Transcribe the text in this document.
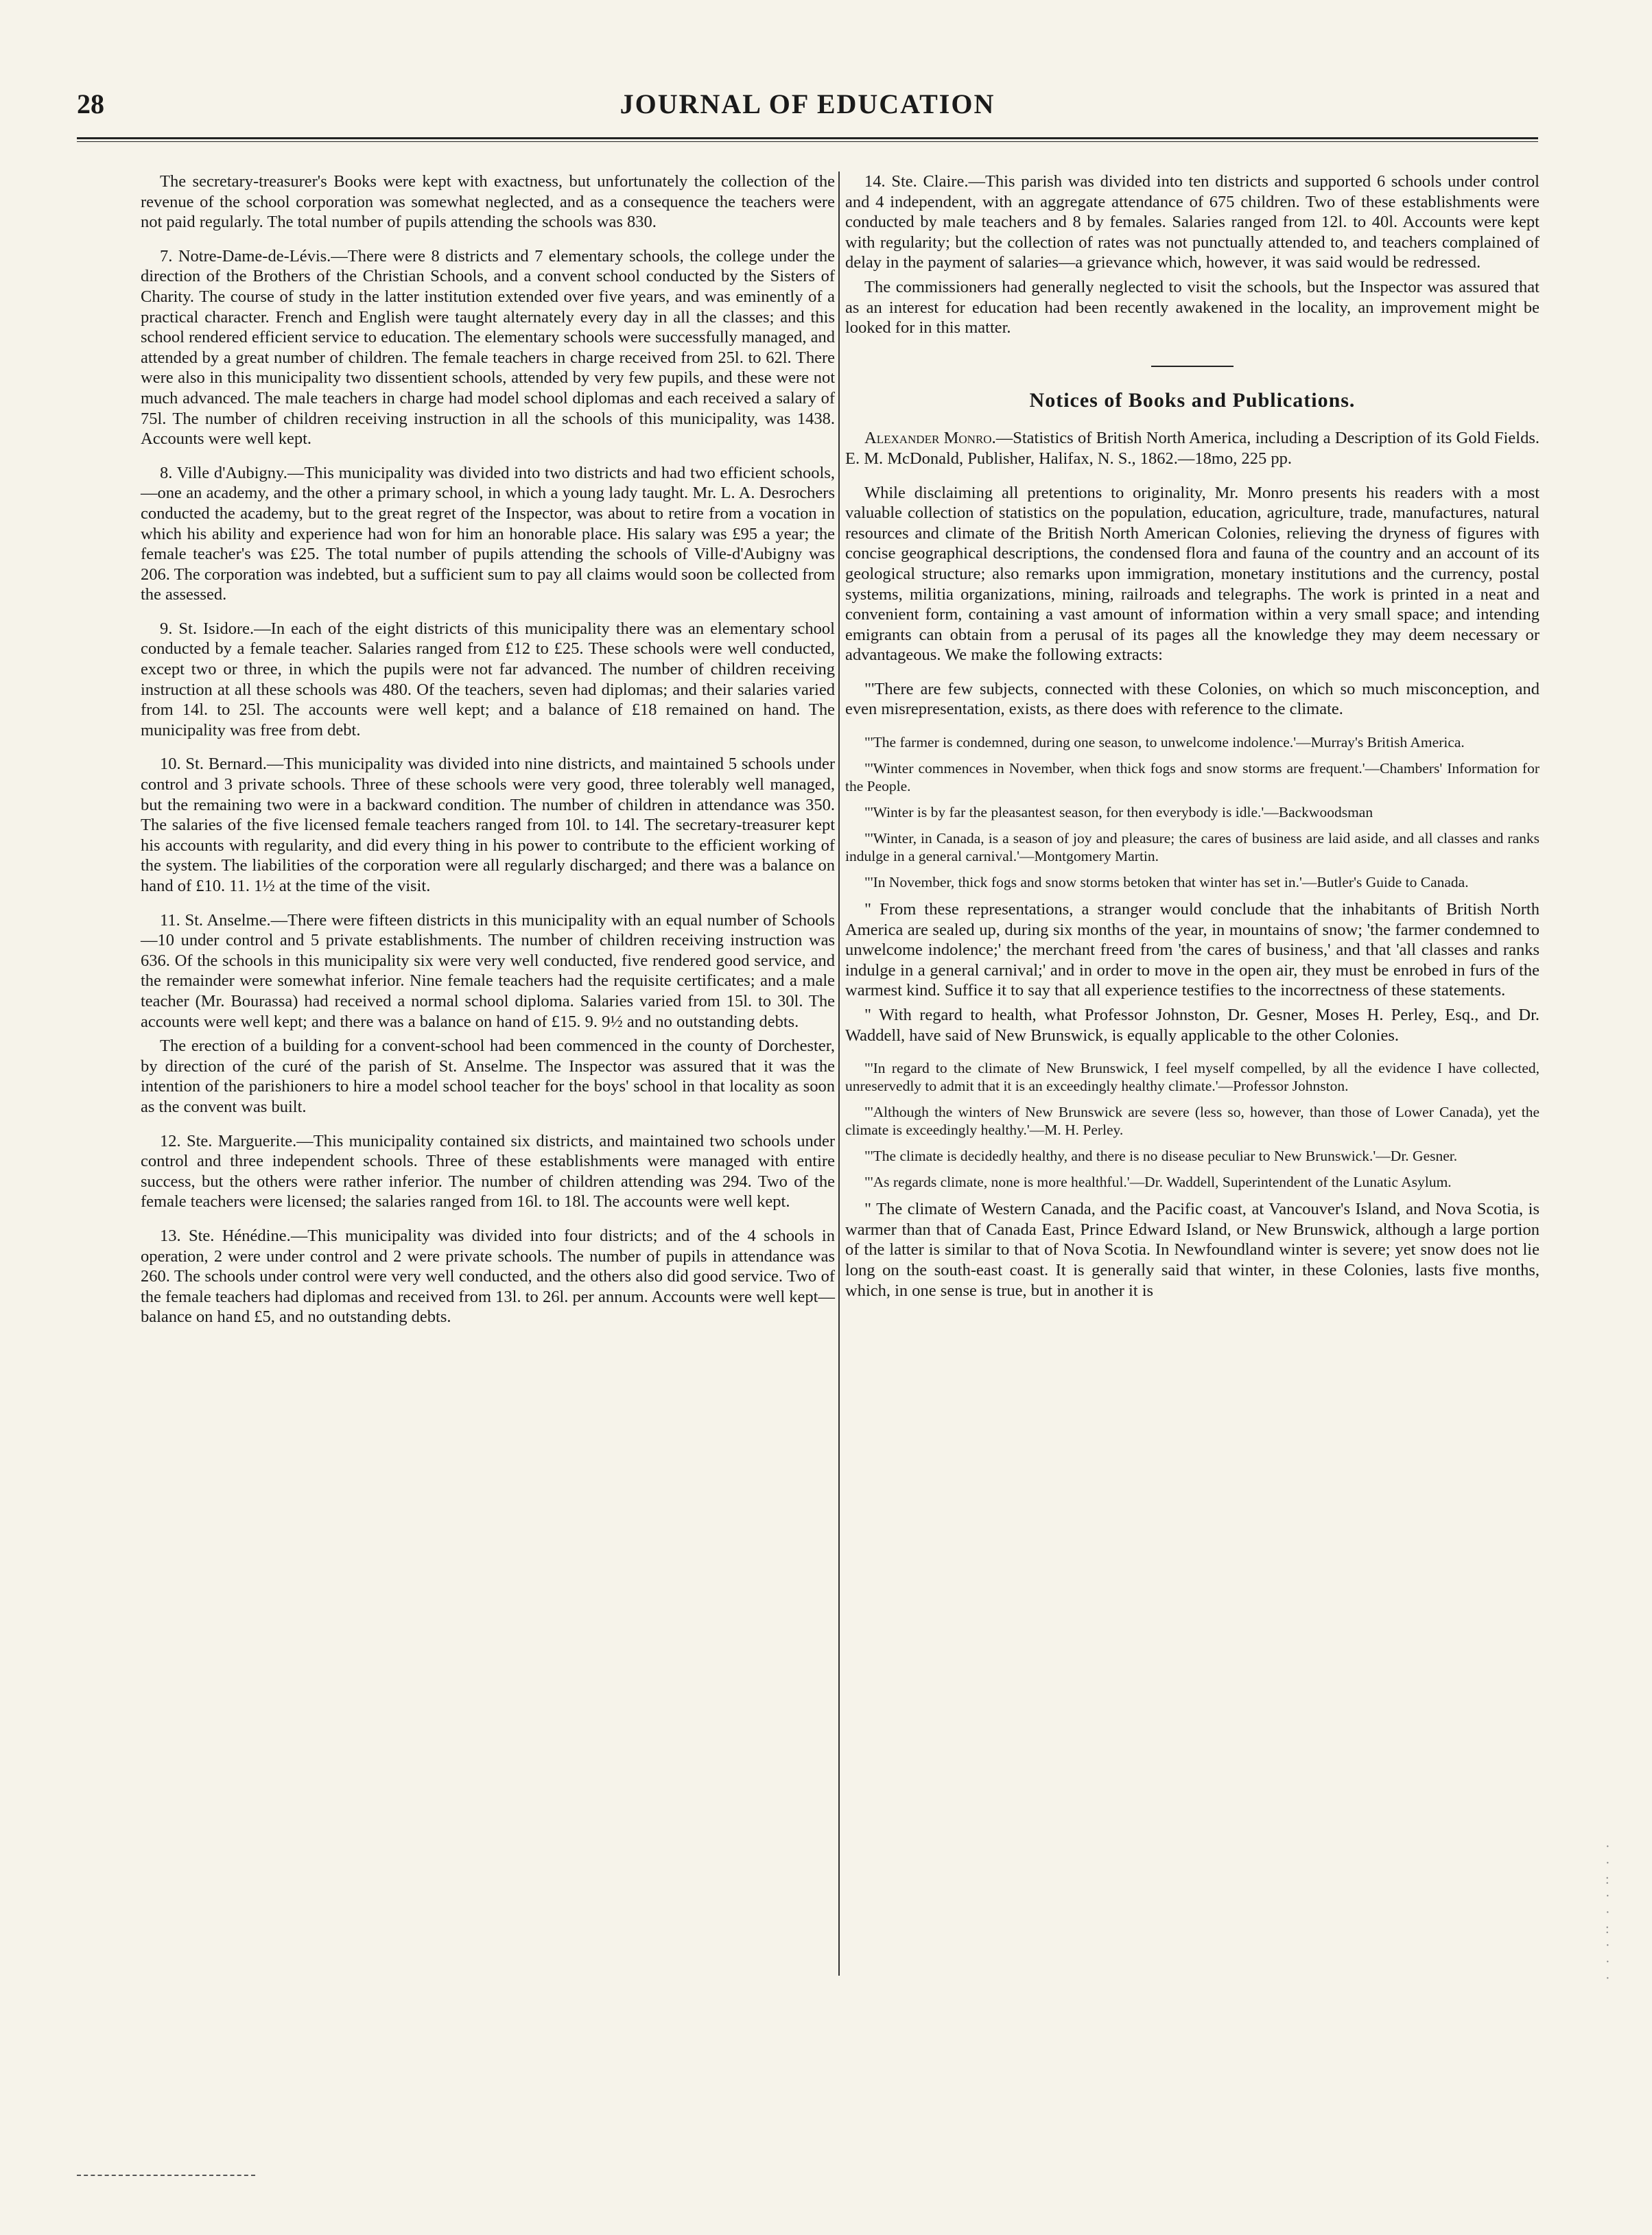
28	JOURNAL OF EDUCATION

The secretary-treasurer's Books were kept with exactness, but unfortunately the collection of the revenue of the school corporation was somewhat neglected, and as a consequence the teachers were not paid regularly. The total number of pupils attending the schools was 830.

7. Notre-Dame-de-Lévis.—There were 8 districts and 7 elementary schools, the college under the direction of the Brothers of the Christian Schools, and a convent school conducted by the Sisters of Charity. The course of study in the latter institution extended over five years, and was eminently of a practical character. French and English were taught alternately every day in all the classes; and this school rendered efficient service to education. The elementary schools were successfully managed, and attended by a great number of children. The female teachers in charge received from 25l. to 62l. There were also in this municipality two dissentient schools, attended by very few pupils, and these were not much advanced. The male teachers in charge had model school diplomas and each received a salary of 75l. The number of children receiving instruction in all the schools of this municipality, was 1438. Accounts were well kept.

8. Ville d'Aubigny.—This municipality was divided into two districts and had two efficient schools,—one an academy, and the other a primary school, in which a young lady taught. Mr. L. A. Desrochers conducted the academy, but to the great regret of the Inspector, was about to retire from a vocation in which his ability and experience had won for him an honorable place. His salary was £95 a year; the female teacher's was £25. The total number of pupils attending the schools of Ville-d'Aubigny was 206. The corporation was indebted, but a sufficient sum to pay all claims would soon be collected from the assessed.

9. St. Isidore.—In each of the eight districts of this municipality there was an elementary school conducted by a female teacher. Salaries ranged from £12 to £25. These schools were well conducted, except two or three, in which the pupils were not far advanced. The number of children receiving instruction at all these schools was 480. Of the teachers, seven had diplomas; and their salaries varied from 14l. to 25l. The accounts were well kept; and a balance of £18 remained on hand. The municipality was free from debt.

10. St. Bernard.—This municipality was divided into nine districts, and maintained 5 schools under control and 3 private schools. Three of these schools were very good, three tolerably well managed, but the remaining two were in a backward condition. The number of children in attendance was 350. The salaries of the five licensed female teachers ranged from 10l. to 14l. The secretary-treasurer kept his accounts with regularity, and did every thing in his power to contribute to the efficient working of the system. The liabilities of the corporation were all regularly discharged; and there was a balance on hand of £10. 11. 1½ at the time of the visit.

11. St. Anselme.—There were fifteen districts in this municipality with an equal number of Schools—10 under control and 5 private establishments. The number of children receiving instruction was 636. Of the schools in this municipality six were very well conducted, five rendered good service, and the remainder were somewhat inferior. Nine female teachers had the requisite certificates; and a male teacher (Mr. Bourassa) had received a normal school diploma. Salaries varied from 15l. to 30l. The accounts were well kept; and there was a balance on hand of £15. 9. 9½ and no outstanding debts.

The erection of a building for a convent-school had been commenced in the county of Dorchester, by direction of the curé of the parish of St. Anselme. The Inspector was assured that it was the intention of the parishioners to hire a model school teacher for the boys' school in that locality as soon as the convent was built.

12. Ste. Marguerite.—This municipality contained six districts, and maintained two schools under control and three independent schools. Three of these establishments were managed with entire success, but the others were rather inferior. The number of children attending was 294. Two of the female teachers were licensed; the salaries ranged from 16l. to 18l. The accounts were well kept.

13. Ste. Hénédine.—This municipality was divided into four districts; and of the 4 schools in operation, 2 were under control and 2 were private schools. The number of pupils in attendance was 260. The schools under control were very well conducted, and the others also did good service. Two of the female teachers had diplomas and received from 13l. to 26l. per annum. Accounts were well kept—balance on hand £5, and no outstanding debts.

14. Ste. Claire.—This parish was divided into ten districts and supported 6 schools under control and 4 independent, with an aggregate attendance of 675 children. Two of these establishments were conducted by male teachers and 8 by females. Salaries ranged from 12l. to 40l. Accounts were kept with regularity; but the collection of rates was not punctually attended to, and teachers complained of delay in the payment of salaries—a grievance which, however, it was said would be redressed.

The commissioners had generally neglected to visit the schools, but the Inspector was assured that as an interest for education had been recently awakened in the locality, an improvement might be looked for in this matter.

Notices of Books and Publications.

Alexander Monro.—Statistics of British North America, including a Description of its Gold Fields. E. M. McDonald, Publisher, Halifax, N. S., 1862.—18mo, 225 pp.

While disclaiming all pretentions to originality, Mr. Monro presents his readers with a most valuable collection of statistics on the population, education, agriculture, trade, manufactures, natural resources and climate of the British North American Colonies, relieving the dryness of figures with concise geographical descriptions, the condensed flora and fauna of the country and an account of its geological structure; also remarks upon immigration, monetary institutions and the currency, postal systems, militia organizations, mining, railroads and telegraphs. The work is printed in a neat and convenient form, containing a vast amount of information within a very small space; and intending emigrants can obtain from a perusal of its pages all the knowledge they may deem necessary or advantageous. We make the following extracts:

"'There are few subjects, connected with these Colonies, on which so much misconception, and even misrepresentation, exists, as there does with reference to the climate.

"'The farmer is condemned, during one season, to unwelcome indolence.'—Murray's British America.

"'Winter commences in November, when thick fogs and snow storms are frequent.'—Chambers' Information for the People.

"'Winter is by far the pleasantest season, for then everybody is idle.'—Backwoodsman

"'Winter, in Canada, is a season of joy and pleasure; the cares of business are laid aside, and all classes and ranks indulge in a general carnival.'—Montgomery Martin.

"'In November, thick fogs and snow storms betoken that winter has set in.'—Butler's Guide to Canada.

" From these representations, a stranger would conclude that the inhabitants of British North America are sealed up, during six months of the year, in mountains of snow; 'the farmer condemned to unwelcome indolence;' the merchant freed from 'the cares of business,' and that 'all classes and ranks indulge in a general carnival;' and in order to move in the open air, they must be enrobed in furs of the warmest kind. Suffice it to say that all experience testifies to the incorrectness of these statements.

" With regard to health, what Professor Johnston, Dr. Gesner, Moses H. Perley, Esq., and Dr. Waddell, have said of New Brunswick, is equally applicable to the other Colonies.

"'In regard to the climate of New Brunswick, I feel myself compelled, by all the evidence I have collected, unreservedly to admit that it is an exceedingly healthy climate.'—Professor Johnston.

"'Although the winters of New Brunswick are severe (less so, however, than those of Lower Canada), yet the climate is exceedingly healthy.'—M. H. Perley.

"'The climate is decidedly healthy, and there is no disease peculiar to New Brunswick.'—Dr. Gesner.

"'As regards climate, none is more healthful.'—Dr. Waddell, Superintendent of the Lunatic Asylum.

" The climate of Western Canada, and the Pacific coast, at Vancouver's Island, and Nova Scotia, is warmer than that of Canada East, Prince Edward Island, or New Brunswick, although a large portion of the latter is similar to that of Nova Scotia. In Newfoundland winter is severe; yet snow does not lie long on the south-east coast. It is generally said that winter, in these Colonies, lasts five months, which, in one sense is true, but in another it is

·
·
:
·
·
:
·
·
·
